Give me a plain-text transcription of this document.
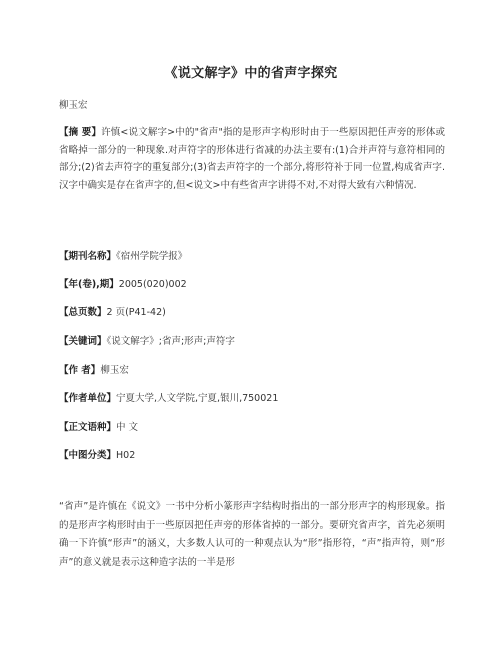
《说文解字》中的省声字探究
柳玉宏

【摘 要】许慎<说文解字>中的"省声"指的是形声字构形时由于一些原因把任声旁的形体或省略掉一部分的一种现象.对声符字的形体进行省减的办法主要有:(1)合并声符与意符相同的部分;(2)省去声符字的重复部分;(3)省去声符字的一个部分,将形符补于同一位置,构成省声字.汉字中确实是存在省声字的,但<说文>中有些省声字讲得不对,不对得大致有六种情况.

【期刊名称】《宿州学院学报》
【年(卷),期】2005(020)002
【总页数】2 页(P41-42)
【关键词】《说文解字》;省声;形声;声符字
【作 者】柳玉宏
【作者单位】宁夏大学,人文学院,宁夏,银川,750021
【正文语种】中 文
【中图分类】H02

“省声”是许慎在《说文》一书中分析小篆形声字结构时指出的一部分形声字的构形现象。指的是形声字构形时由于一些原因把任声旁的形体省掉的一部分。要研究省声字，首先必须明确一下许慎“形声”的涵义，大多数人认可的一种观点认为“形”指形符，“声”指声符，则“形声”的意义就是表示这种造字法的一半是形
